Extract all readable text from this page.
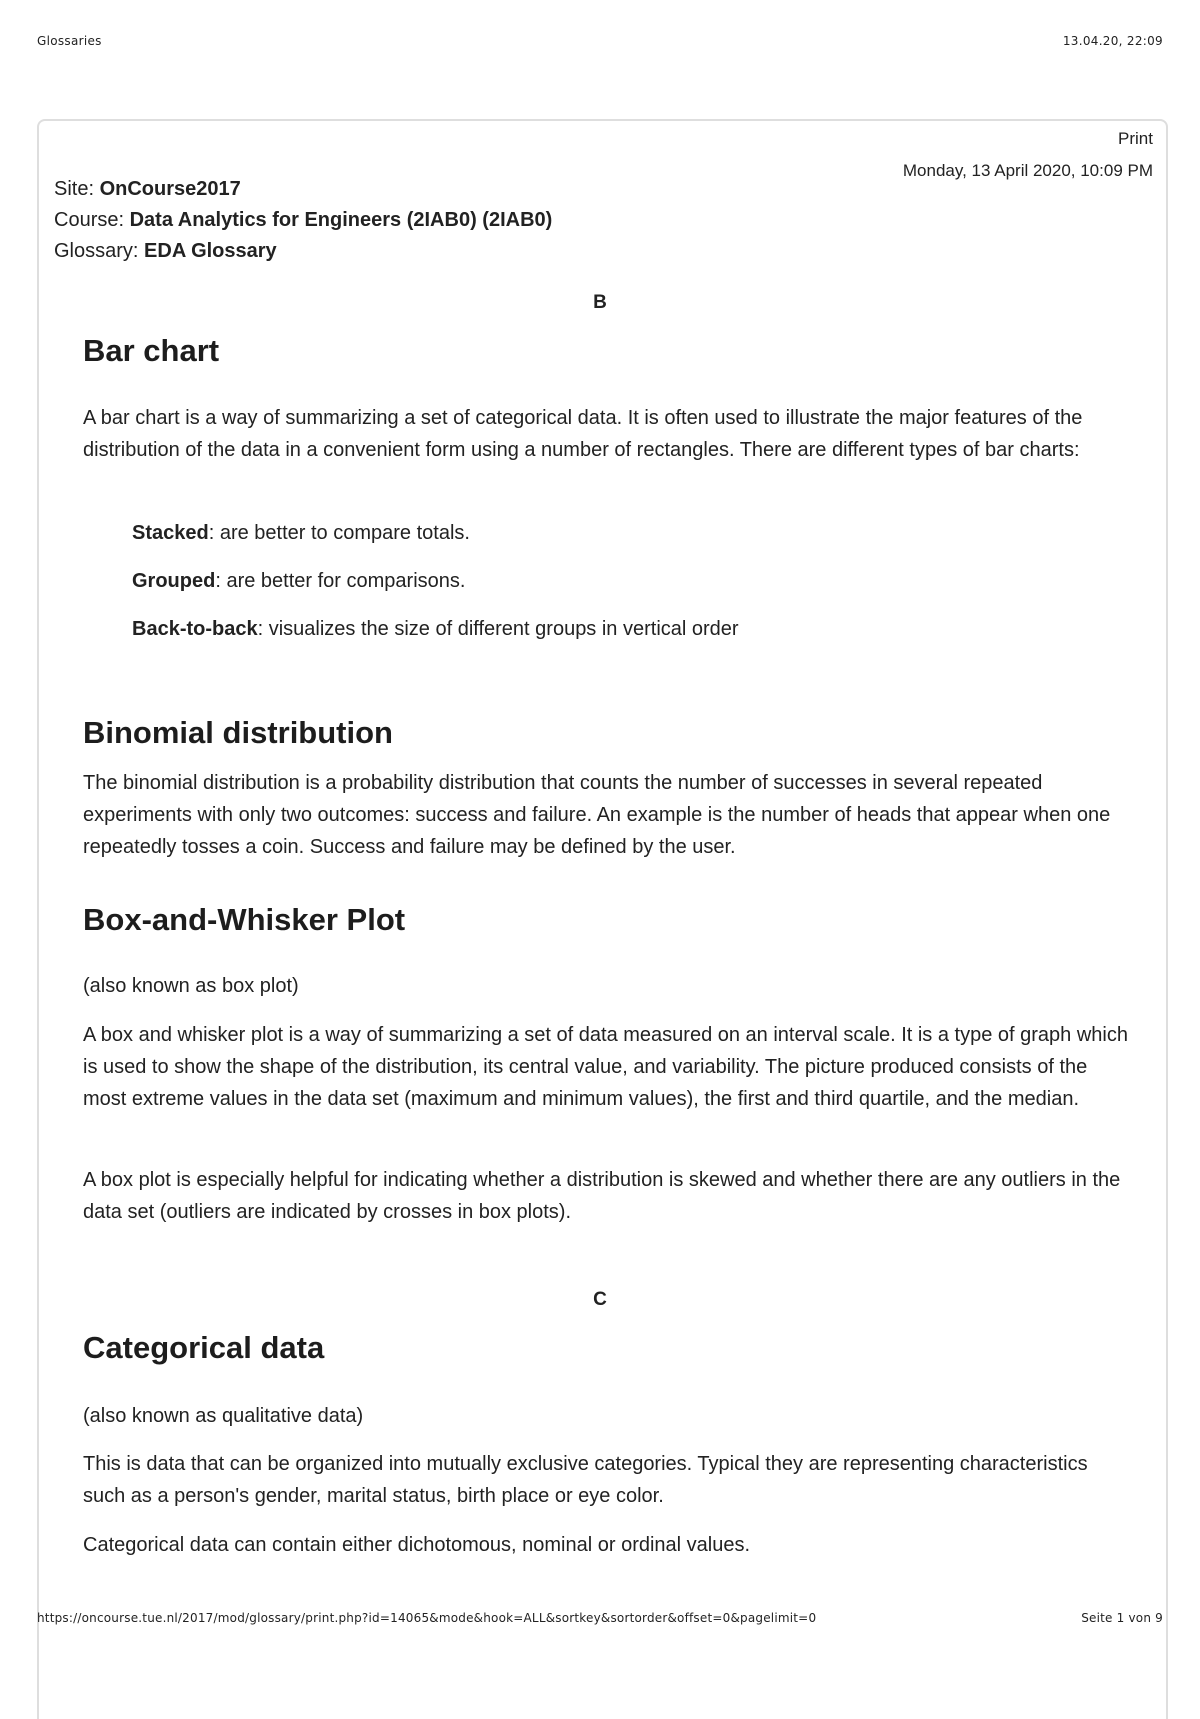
Glossaries	13.04.20, 22:09
Print
Monday, 13 April 2020, 10:09 PM
Site: OnCourse2017
Course: Data Analytics for Engineers (2IAB0) (2IAB0)
Glossary: EDA Glossary
B
Bar chart

A bar chart is a way of summarizing a set of categorical data. It is often used to illustrate the major features of the distribution of the data in a convenient form using a number of rectangles. There are different types of bar charts:

Stacked: are better to compare totals.

Grouped: are better for comparisons.

Back-to-back: visualizes the size of different groups in vertical order

Binomial distribution

The binomial distribution is a probability distribution that counts the number of successes in several repeated experiments with only two outcomes: success and failure. An example is the number of heads that appear when one repeatedly tosses a coin. Success and failure may be defined by the user.

Box-and-Whisker Plot

(also known as box plot)

A box and whisker plot is a way of summarizing a set of data measured on an interval scale. It is a type of graph which is used to show the shape of the distribution, its central value, and variability. The picture produced consists of the most extreme values in the data set (maximum and minimum values), the first and third quartile, and the median.

A box plot is especially helpful for indicating whether a distribution is skewed and whether there are any outliers in the data set (outliers are indicated by crosses in box plots).

C
Categorical data

(also known as qualitative data)

This is data that can be organized into mutually exclusive categories. Typical they are representing characteristics such as a person's gender, marital status, birth place or eye color.

Categorical data can contain either dichotomous, nominal or ordinal values.

https://oncourse.tue.nl/2017/mod/glossary/print.php?id=14065&mode&hook=ALL&sortkey&sortorder&offset=0&pagelimit=0	Seite 1 von 9
